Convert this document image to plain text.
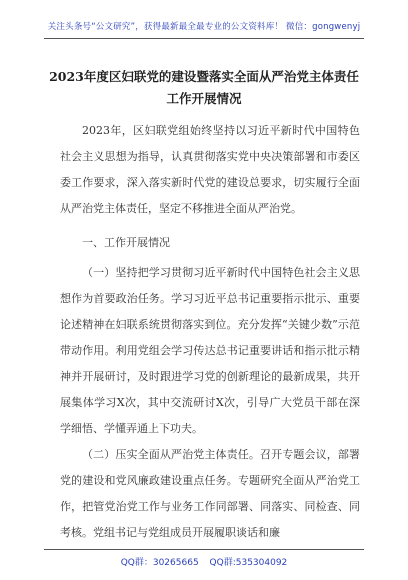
关注头条号“公文研究”，获得最新最全最专业的公文资料库！ 微信：gongwenyj
2023年度区妇联党的建设暨落实全面从严治党主体责任工作开展情况

2023年，区妇联党组始终坚持以习近平新时代中国特色社会主义思想为指导，认真贯彻落实党中央决策部署和市委区委工作要求，深入落实新时代党的建设总要求，切实履行全面从严治党主体责任，坚定不移推进全面从严治党。

一、工作开展情况

（一）坚持把学习贯彻习近平新时代中国特色社会主义思想作为首要政治任务。学习习近平总书记重要指示批示、重要论述精神在妇联系统贯彻落实到位。充分发挥“关键少数”示范带动作用。利用党组会学习传达总书记重要讲话和指示批示精神并开展研讨，及时跟进学习党的创新理论的最新成果，共开展集体学习X次，其中交流研讨X次，引导广大党员干部在深学细悟、学懂弄通上下功夫。

（二）压实全面从严治党主体责任。召开专题会议，部署党的建设和党风廉政建设重点任务。专题研究全面从严治党工作，把管党治党工作与业务工作同部署、同落实、同检查、同考核。党组书记与党组成员开展履职谈话和廉

QQ群：30265665 QQ群:535304092
